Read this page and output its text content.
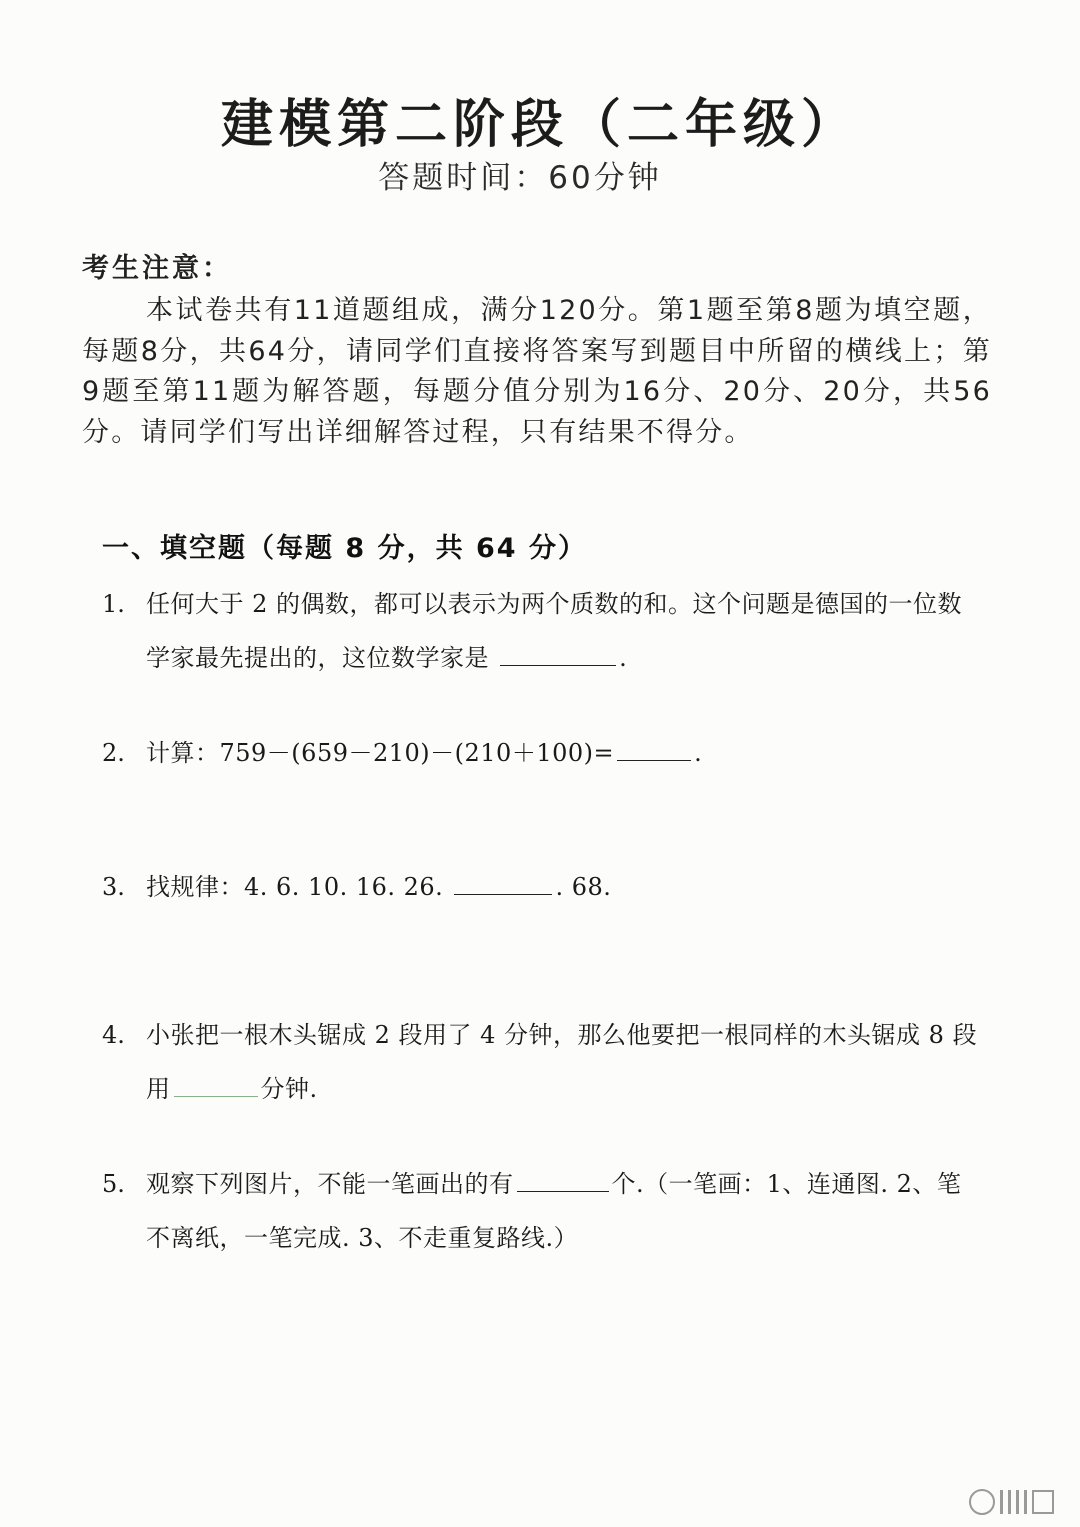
建模第二阶段（二年级）
答题时间：60分钟
考生注意：

本试卷共有11道题组成，满分120分。第1题至第8题为填空题，每题8分，共64分，请同学们直接将答案写到题目中所留的横线上；第9题至第11题为解答题，每题分值分别为16分、20分、20分，共56分。请同学们写出详细解答过程，只有结果不得分。

一、填空题（每题 8 分，共 64 分）
1. 任何大于 2 的偶数，都可以表示为两个质数的和。这个问题是德国的一位数学家最先提出的，这位数学家是	.
2. 计算：759－(659－210)－(210＋100)=	.
3. 找规律：4. 6. 10. 16. 26.	. 68.
4. 小张把一根木头锯成 2 段用了 4 分钟，那么他要把一根同样的木头锯成 8 段用	分钟.
5. 观察下列图片，不能一笔画出的有	个.（一笔画：1、连通图. 2、笔不离纸，一笔完成. 3、不走重复路线.）
